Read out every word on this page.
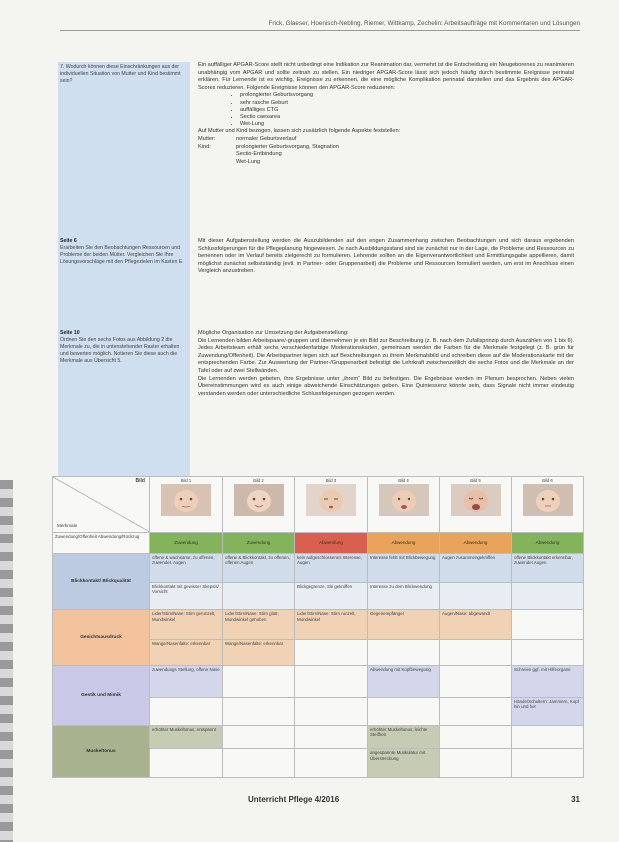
Frick, Glaeser, Hoenisch-Nebling, Riemer, Wittkamp, Zechelin: Arbeitsaufträge mit Kommentaren und Lösungen
7. Wodurch können diese Einschränkungen aus der individuellen Situation von Mutter und Kind bestimmt sein?
Seite 6
Erarbeiten Sie den Beobachtungen Ressourcen und Probleme der beiden Mütter. Vergleichen Sie Ihre Lösungsvorschläge mit den Pflegezielen im Kasten E.
Seite 10
Ordnen Sie den sechs Fotos aus Abbildung 2 die Merkmale zu, die in untenstehender Raster erhalten und bewerten möglich. Notieren Sie diese auch die Merkmale aus Übersicht 5.
Ein auffälliger APGAR-Score stellt nicht unbedingt eine Indikation zur Reanimation dar, vermehrt ist die Entscheidung ein Neugeborenes zu reanimieren unabhängig vom APGAR und sollte zeitnah zu stellen. Ein niedriger APGAR-Score lässt sich jedoch häufig durch bestimmte Ereignisse perinatal erklären. Für Lernende ist es wichtig, Ereignisse zu erkennen, die eine mögliche Komplikation perinatal darstellen und das Ergebnis des APGAR-Scores reduzieren. Folgende Ereignisse können den APGAR-Score reduzieren:
• prolongierter Geburtsvorgang
• sehr rasche Geburt
• auffälliges CTG
• Sectio caesarea
• Wet-Lung
Auf Mutter und Kind bezogen, lassen sich zusätzlich folgende Aspekte feststellen:
Mutter:	normaler Geburtsverlauf
Kind:	prolongierter Geburtsvorgang, Stagnation
Sectio-Entbindung
Wet-Lung
Mit dieser Aufgabenstellung werden die Auszubildenden auf den engen Zusammenhang zwischen Beobachtungen und sich daraus ergebenden Schlussfolgerungen für die Pflegeplanung hingewiesen. Je nach Ausbildungsstand sind sie zunächst nur in der Lage, die Probleme und Ressourcen zu benennen oder im Verlauf bereits zielgerecht zu formulieren. Lehrende sollten an die Eigenverantwortlichkeit und Ermittlungsgabe appellieren, damit möglichst zunächst selbstständig (evtl. in Partner- oder Gruppenarbeit) die Probleme und Ressourcen formuliert werden, um erst im Anschluss einen Vergleich anzustreben.
Mögliche Organisation zur Umsetzung der Aufgabenstellung:
Die Lernenden bilden Arbeitspaare/-gruppen und übernehmen je ein Bild zur Beschreibung (z. B. nach dem Zufallsprinzip durch Auszählen von 1 bis 6). Jedes Arbeitsteam erhält sechs verschiedenfarbige Moderationskarten, gemeinsam werden die Farben für die Merkmale festgelegt (z. B. grün für Zuwendung/Offenheit). Die Arbeitspartner legen sich auf Beschreibungen zu ihrem Merkmalsbild und schreiben diese auf die Moderationskarte mit der entsprechenden Farbe. Zur Auswertung der Partner-/Gruppenarbeit befestigt die Lehrkraft zwischenzeitlich die sechs Fotos und die Merkmale an der Tafel oder auf zwei Stellwänden.
Die Lernenden werden gebeten, ihre Ergebnisse unter „ihrem“ Bild zu befestigen. Die Ergebnisse werden im Plenum besprochen. Neben vielen Übereinstimmungen wird es auch einige abweichende Einschätzungen geben. Eine Quintessenz könnte sein, dass Signale nicht immer eindeutig verstanden werden oder unterschiedliche Schlussfolgerungen gezogen werden.
Bild
Merkmale	Bild 1	Bild 2	Bild 3	Bild 4	Bild 5	Bild 6

Zuwendung/Offenheit Abwendung/Rückzug	Zuwendung	Zuwendung	Abwendung	Abwendung	Abwendung	Abwendung
Blickkontakt/ Blickqualität	offene & wachsame, zu offenen, zuwendet. Augen	offene & Blickkontakt, zu offenen, offenen Augen	kein aufgeschlossenes Interesse, Augen	Interesse fehlt mit Blickbewegung	Augen zusammengekniffen	offene Blickkontakt erkennbar, zuwendet Augen
	Blickkontakt mit gewisser Skepsis/ Vorsicht		Blickgegrenze, Ski gekniffen	Interesse zu dem Blickwendung		
Gesichtsausdruck	Lider/Stirn/Nase: Stirn gerunzelt, Mundwinkel	Lider/Stirn/Nase: Stirn glatt, Mundwinkel gehoben	Lider/Stirn/Nase: Stirn runzelt, Mundwinkel	Gegenempfänger	Augen/Nase: abgewandt	
	Wange/Nasenfalte: erkennbar	Wange/Nasenfalte: erkennbar				
Gestik und Mimik	zuwendungs Stellung, offene Nase			Abwendung mit Kopfbewegung		Schreien ggf. mit Hilfeorgane
						Hände/Schultern: Jammern, Kopf hin und her
Muskeltonus	erhöhter Muskeltonus, entspannt			erhöhter Muskeltonus, leichte Steifheit		
				angespannte Muskulatur mit Überstreckung		
Unterricht Pflege 4/2016	31
